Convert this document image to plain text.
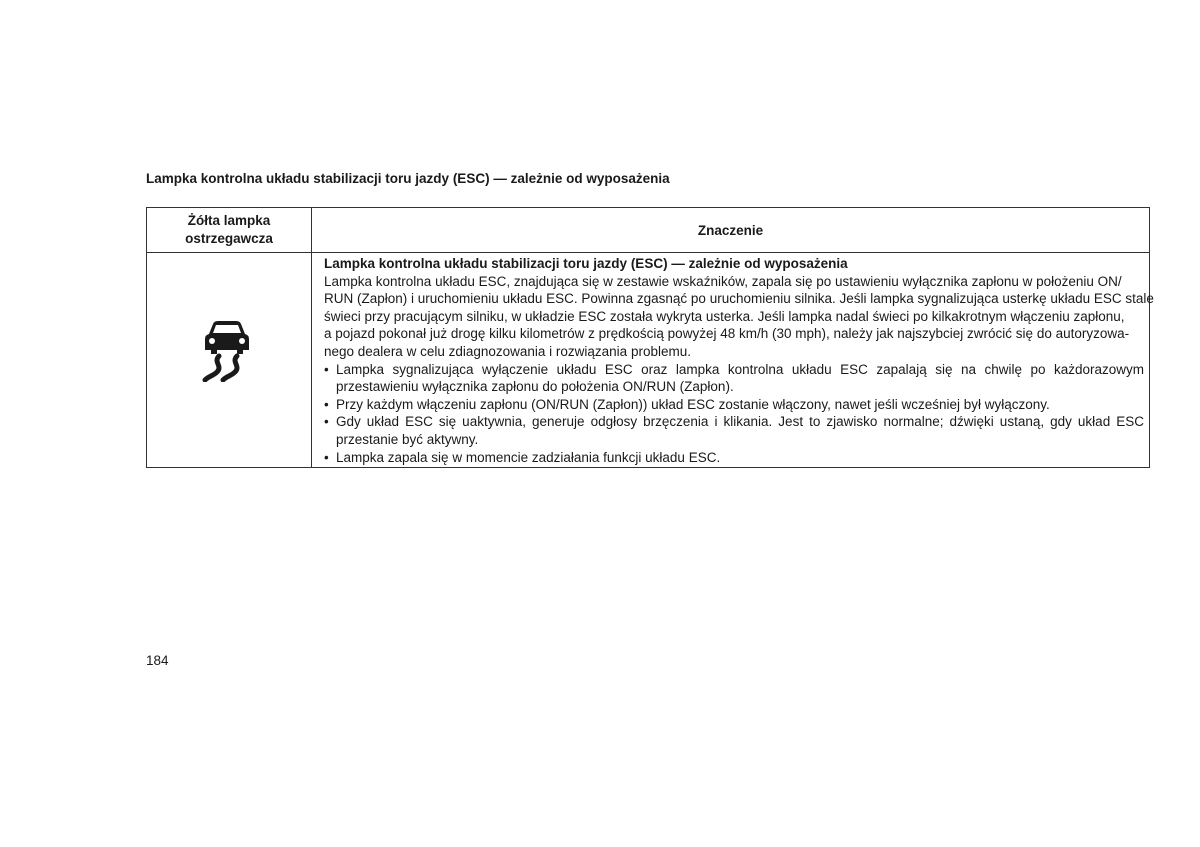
Lampka kontrolna układu stabilizacji toru jazdy (ESC) — zależnie od wyposażenia
Żółta lampka ostrzegawcza
Znaczenie
Lampka kontrolna układu stabilizacji toru jazdy (ESC) — zależnie od wyposażenia

Lampka kontrolna układu ESC, znajdująca się w zestawie wskaźników, zapala się po ustawieniu wyłącznika zapłonu w położeniu ON/
RUN (Zapłon) i uruchomieniu układu ESC. Powinna zgasnąć po uruchomieniu silnika. Jeśli lampka sygnalizująca usterkę układu ESC stale
świeci przy pracującym silniku, w układzie ESC została wykryta usterka. Jeśli lampka nadal świeci po kilkakrotnym włączeniu zapłonu,
a pojazd pokonał już drogę kilku kilometrów z prędkością powyżej 48 km/h (30 mph), należy jak najszybciej zwrócić się do autoryzowa-
nego dealera w celu zdiagnozowania i rozwiązania problemu.

• Lampka sygnalizująca wyłączenie układu ESC oraz lampka kontrolna układu ESC zapalają się na chwilę po każdorazowym przestawieniu wyłącznika zapłonu do położenia ON/RUN (Zapłon).
• Przy każdym włączeniu zapłonu (ON/RUN (Zapłon)) układ ESC zostanie włączony, nawet jeśli wcześniej był wyłączony.
• Gdy układ ESC się uaktywnia, generuje odgłosy brzęczenia i klikania. Jest to zjawisko normalne; dźwięki ustaną, gdy układ ESC przestanie być aktywny.
• Lampka zapala się w momencie zadziałania funkcji układu ESC.
184
